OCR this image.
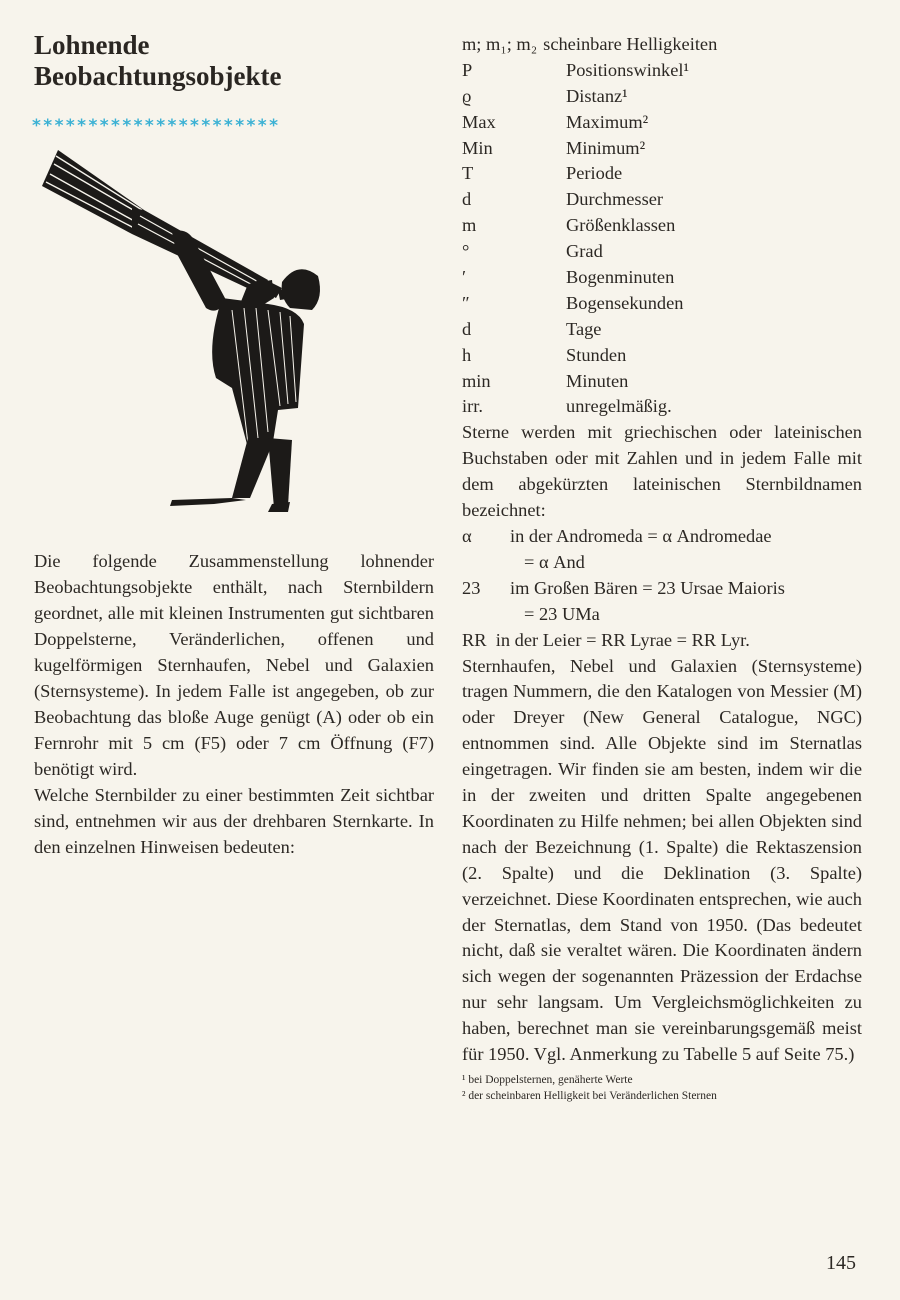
Lohnende
Beobachtungsobjekte
**********************

Die folgende Zusammenstellung lohnender Beobachtungsobjekte enthält, nach Sternbildern geordnet, alle mit kleinen Instrumenten gut sichtbaren Doppelsterne, Veränderlichen, offenen und kugelförmigen Sternhaufen, Nebel und Galaxien (Sternsysteme). In jedem Falle ist angegeben, ob zur Beobachtung das bloße Auge genügt (A) oder ob ein Fernrohr mit 5 cm (F5) oder 7 cm Öffnung (F7) benötigt wird.

Welche Sternbilder zu einer bestimmten Zeit sichtbar sind, entnehmen wir aus der drehbaren Sternkarte. In den einzelnen Hinweisen bedeuten:

m; m₁; m₂ scheinbare Helligkeiten
P	Positionswinkel¹
ϱ	Distanz¹
Max	Maximum²
Min	Minimum²
T	Periode
d	Durchmesser
m	Größenklassen
°	Grad
′	Bogenminuten
″	Bogensekunden
d	Tage
h	Stunden
min	Minuten
irr.	unregelmäßig.

Sterne werden mit griechischen oder lateinischen Buchstaben oder mit Zahlen und in jedem Falle mit dem abgekürzten lateinischen Sternbildnamen bezeichnet:

α	in der Andromeda = α Andromedae
= α And
23	im Großen Bären = 23 Ursae Maioris
= 23 UMa

RR  in der Leier = RR Lyrae = RR Lyr.

Sternhaufen, Nebel und Galaxien (Sternsysteme) tragen Nummern, die den Katalogen von Messier (M) oder Dreyer (New General Catalogue, NGC) entnommen sind. Alle Objekte sind im Sternatlas eingetragen. Wir finden sie am besten, indem wir die in der zweiten und dritten Spalte angegebenen Koordinaten zu Hilfe nehmen; bei allen Objekten sind nach der Bezeichnung (1. Spalte) die Rektaszension (2. Spalte) und die Deklination (3. Spalte) verzeichnet. Diese Koordinaten entsprechen, wie auch der Sternatlas, dem Stand von 1950. (Das bedeutet nicht, daß sie veraltet wären. Die Koordinaten ändern sich wegen der sogenannten Präzession der Erdachse nur sehr langsam. Um Vergleichsmöglichkeiten zu haben, berechnet man sie vereinbarungsgemäß meist für 1950. Vgl. Anmerkung zu Tabelle 5 auf Seite 75.)

¹ bei Doppelsternen, genäherte Werte
² der scheinbaren Helligkeit bei Veränderlichen Sternen
145
